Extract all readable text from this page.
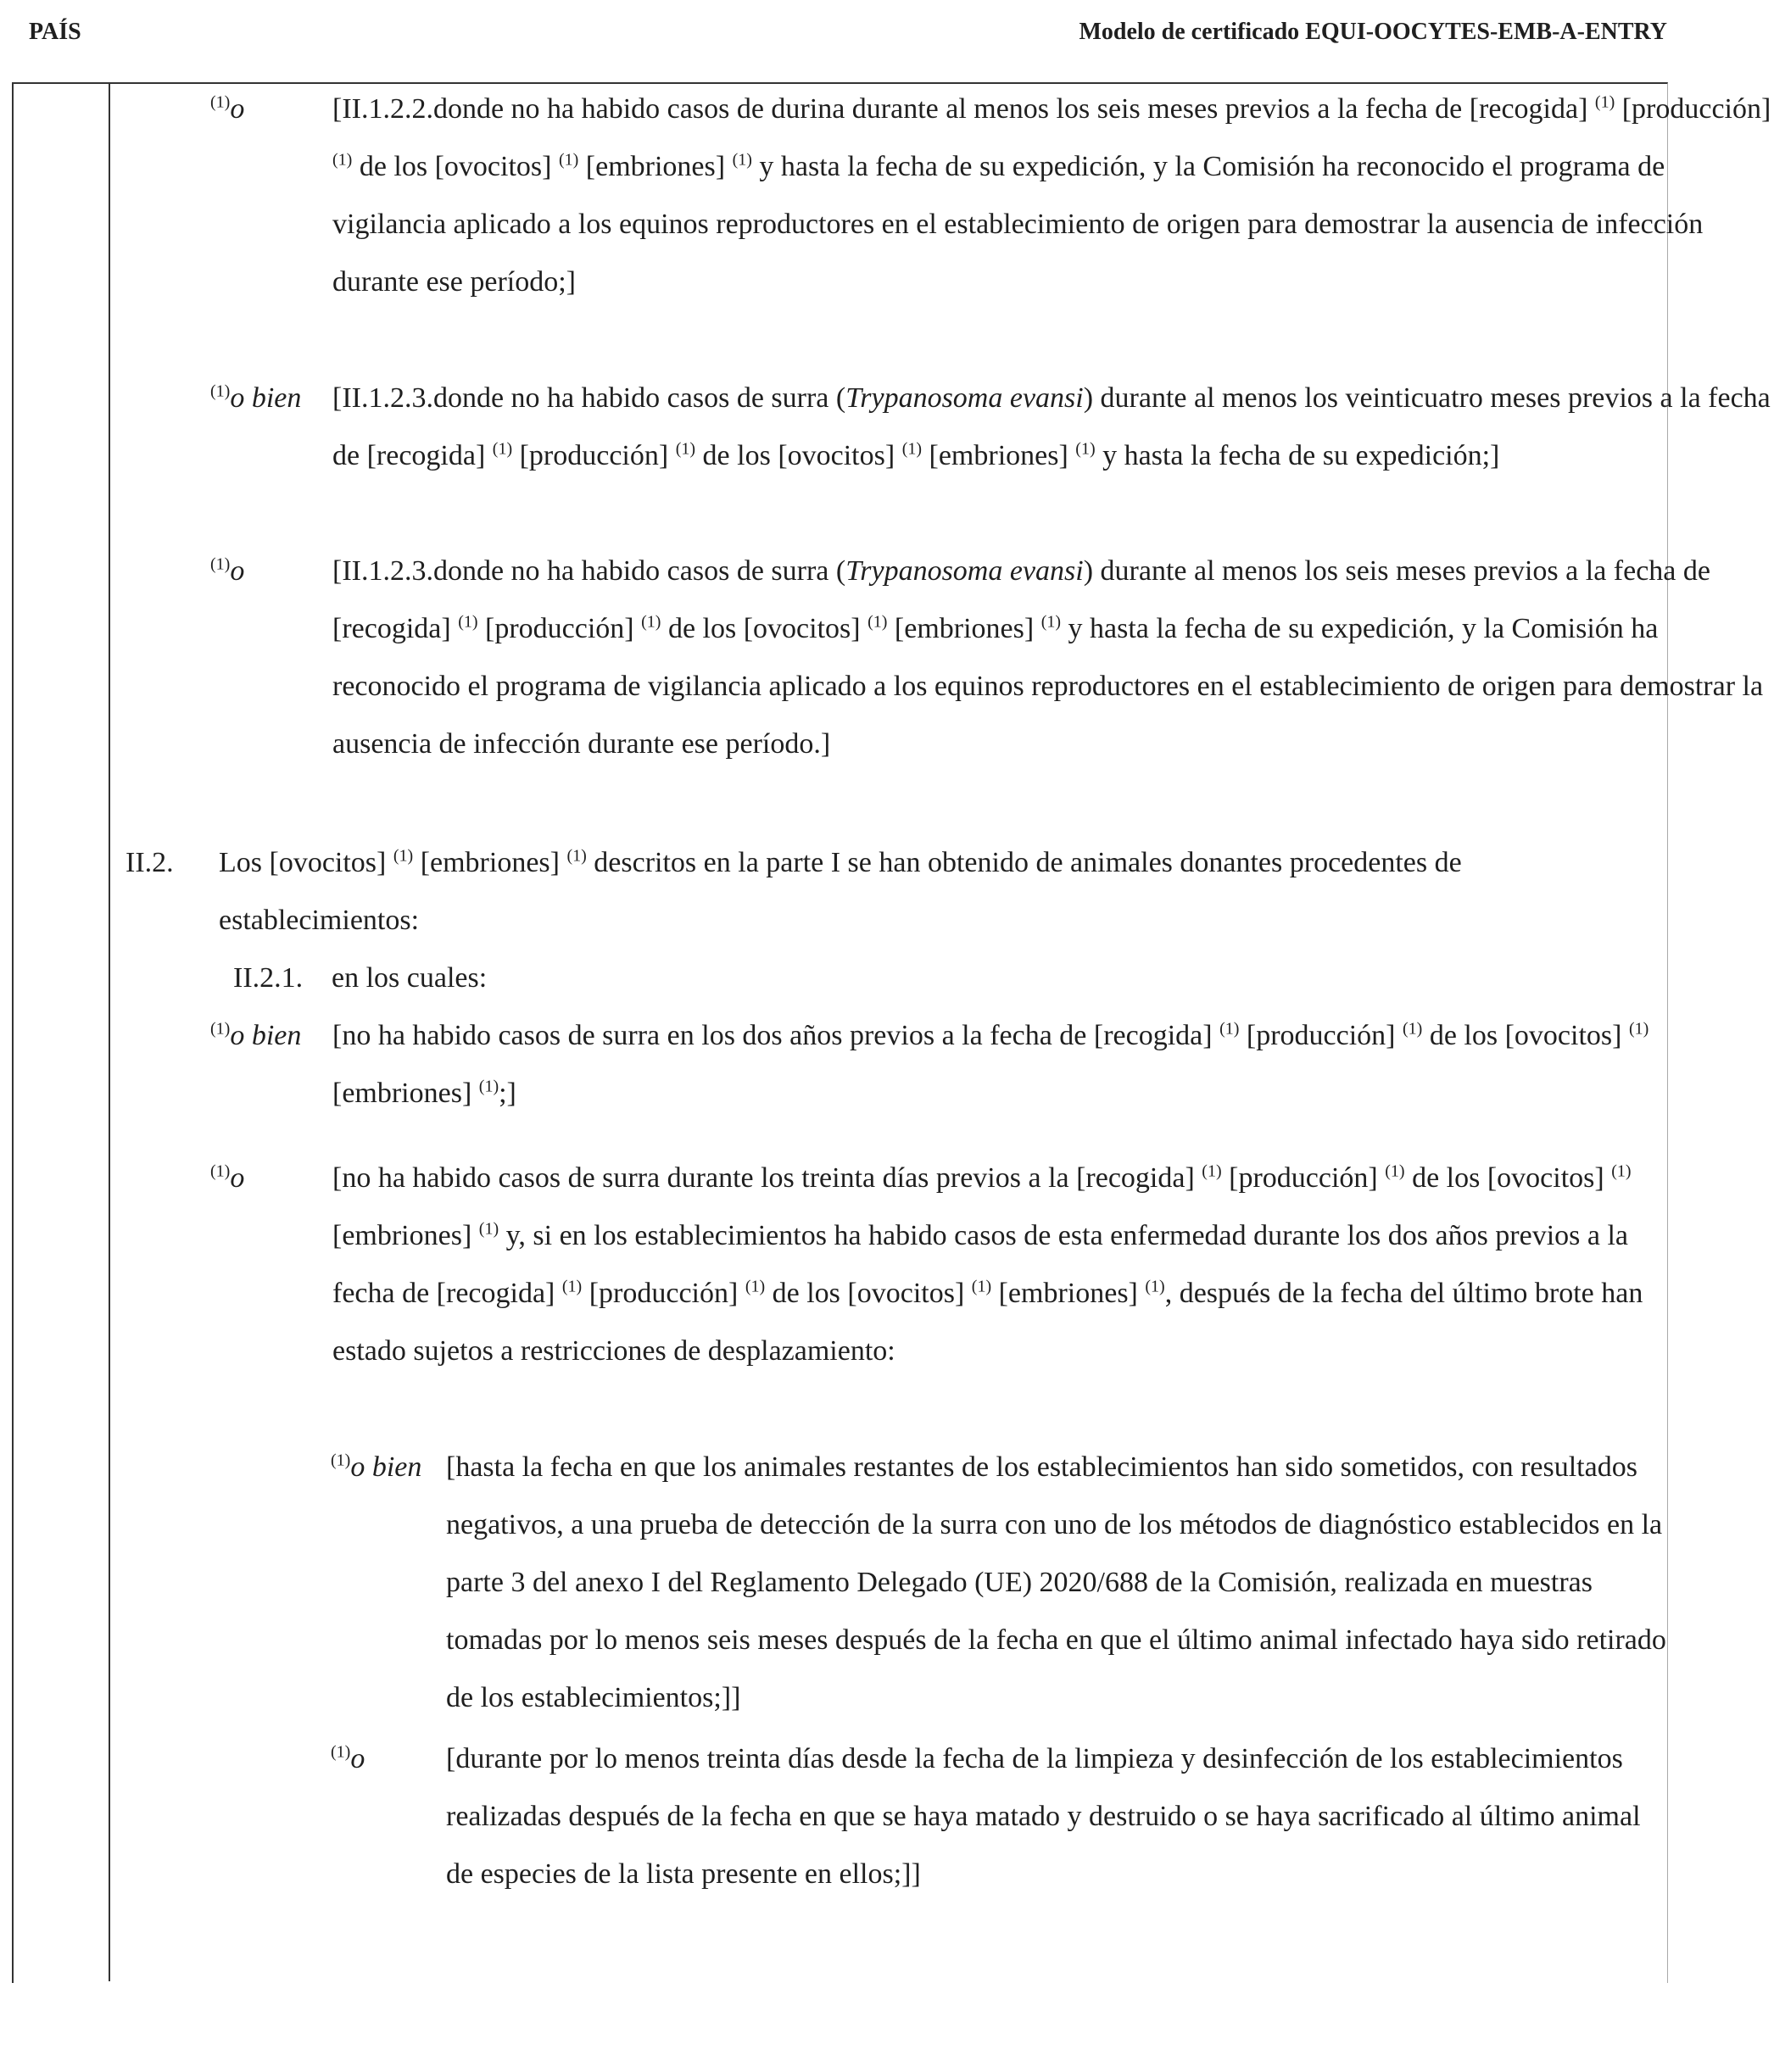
PAÍS	Modelo de certificado EQUI-OOCYTES-EMB-A-ENTRY
$^{(1)}$o	[II.1.2.2.donde no ha habido casos de durina durante al menos los seis meses previos a la fecha de [recogida] $^{(1)}$ [producción] $^{(1)}$ de los [ovocitos] $^{(1)}$ [embriones] $^{(1)}$ y hasta la fecha de su expedición, y la Comisión ha reconocido el programa de vigilancia aplicado a los equinos reproductores en el establecimiento de origen para demostrar la ausencia de infección durante ese período;]
$^{(1)}$o bien [II.1.2.3.donde no ha habido casos de surra (Trypanosoma evansi) durante al menos los veinticuatro meses previos a la fecha de [recogida] $^{(1)}$ [producción] $^{(1)}$ de los [ovocitos] $^{(1)}$ [embriones] $^{(1)}$ y hasta la fecha de su expedición;]
$^{(1)}$o	[II.1.2.3.donde no ha habido casos de surra (Trypanosoma evansi) durante al menos los seis meses previos a la fecha de [recogida] $^{(1)}$ [producción] $^{(1)}$ de los [ovocitos] $^{(1)}$ [embriones] $^{(1)}$ y hasta la fecha de su expedición, y la Comisión ha reconocido el programa de vigilancia aplicado a los equinos reproductores en el establecimiento de origen para demostrar la ausencia de infección durante ese período.]
II.2. Los [ovocitos] $^{(1)}$ [embriones] $^{(1)}$ descritos en la parte I se han obtenido de animales donantes procedentes de establecimientos:
II.2.1. en los cuales:
$^{(1)}$o bien [no ha habido casos de surra en los dos años previos a la fecha de [recogida] $^{(1)}$ [producción] $^{(1)}$ de los [ovocitos] $^{(1)}$ [embriones] $^{(1)}$;]
$^{(1)}$o	[no ha habido casos de surra durante los treinta días previos a la [recogida] $^{(1)}$ [producción] $^{(1)}$ de los [ovocitos] $^{(1)}$ [embriones] $^{(1)}$ y, si en los establecimientos ha habido casos de esta enfermedad durante los dos años previos a la fecha de [recogida] $^{(1)}$ [producción] $^{(1)}$ de los [ovocitos] $^{(1)}$ [embriones] $^{(1)}$, después de la fecha del último brote han estado sujetos a restricciones de desplazamiento:
$^{(1)}$o bien [hasta la fecha en que los animales restantes de los establecimientos han sido sometidos, con resultados negativos, a una prueba de detección de la surra con uno de los métodos de diagnóstico establecidos en la parte 3 del anexo I del Reglamento Delegado (UE) 2020/688 de la Comisión, realizada en muestras tomadas por lo menos seis meses después de la fecha en que el último animal infectado haya sido retirado de los establecimientos;]]
$^{(1)}$o	[durante por lo menos treinta días desde la fecha de la limpieza y desinfección de los establecimientos realizadas después de la fecha en que se haya matado y destruido o se haya sacrificado al último animal de especies de la lista presente en ellos;]]
